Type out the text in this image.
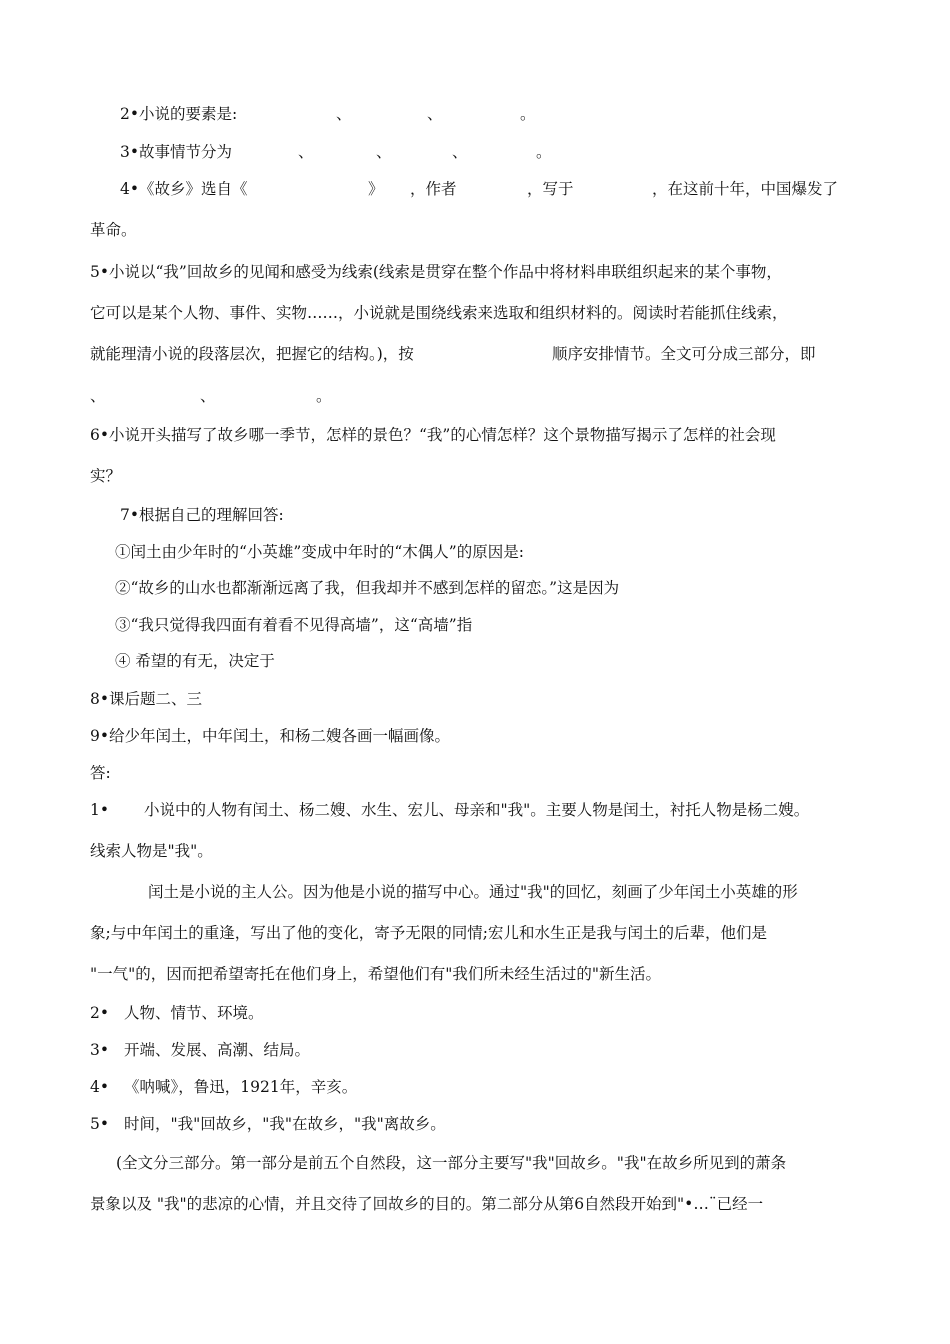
2•小说的要素是:	、	、	。
3•故事情节分为	、	、	、	。
4•《故乡》选自《	》 ，作者	，写于	，在这前十年，中国爆发了
革命。
5•小说以“我”回故乡的见闻和感受为线索(线索是贯穿在整个作品中将材料串联组织起来的某个事物，
它可以是某个人物、事件、实物……，小说就是围绕线索来选取和组织材料的。阅读时若能抓住线索，
就能理清小说的段落层次，把握它的结构。)，按	顺序安排情节。全文可分成三部分，即
、	、	。
6•小说开头描写了故乡哪一季节，怎样的景色？“我”的心情怎样？这个景物描写揭示了怎样的社会现
实？
7•根据自己的理解回答:
①闰土由少年时的“小英雄”变成中年时的“木偶人”的原因是:
②“故乡的山水也都渐渐远离了我，但我却并不感到怎样的留恋。”这是因为
③“我只觉得我四面有着看不见得高墙”，这“高墙”指
④ 希望的有无，决定于
8•课后题二、三
9•给少年闰土，中年闰土，和杨二嫂各画一幅画像。
答:
1• 小说中的人物有闰土、杨二嫂、水生、宏儿、母亲和"我"。主要人物是闰土，衬托人物是杨二嫂。
线索人物是"我"。
闰土是小说的主人公。因为他是小说的描写中心。通过"我"的回忆，刻画了少年闰土小英雄的形
象;与中年闰土的重逢，写出了他的变化，寄予无限的同情;宏儿和水生正是我与闰土的后辈，他们是
"一气"的，因而把希望寄托在他们身上，希望他们有"我们所未经生活过的"新生活。
2• 人物、情节、环境。
3• 开端、发展、高潮、结局。
4• 《呐喊》，鲁迅，1921年，辛亥。
5• 时间，"我"回故乡，"我"在故乡，"我"离故乡。
(全文分三部分。第一部分是前五个自然段，这一部分主要写"我"回故乡。"我"在故乡所见到的萧条
景象以及 "我"的悲凉的心情，并且交待了回故乡的目的。第二部分从第6自然段开始到"•…¨已经一
